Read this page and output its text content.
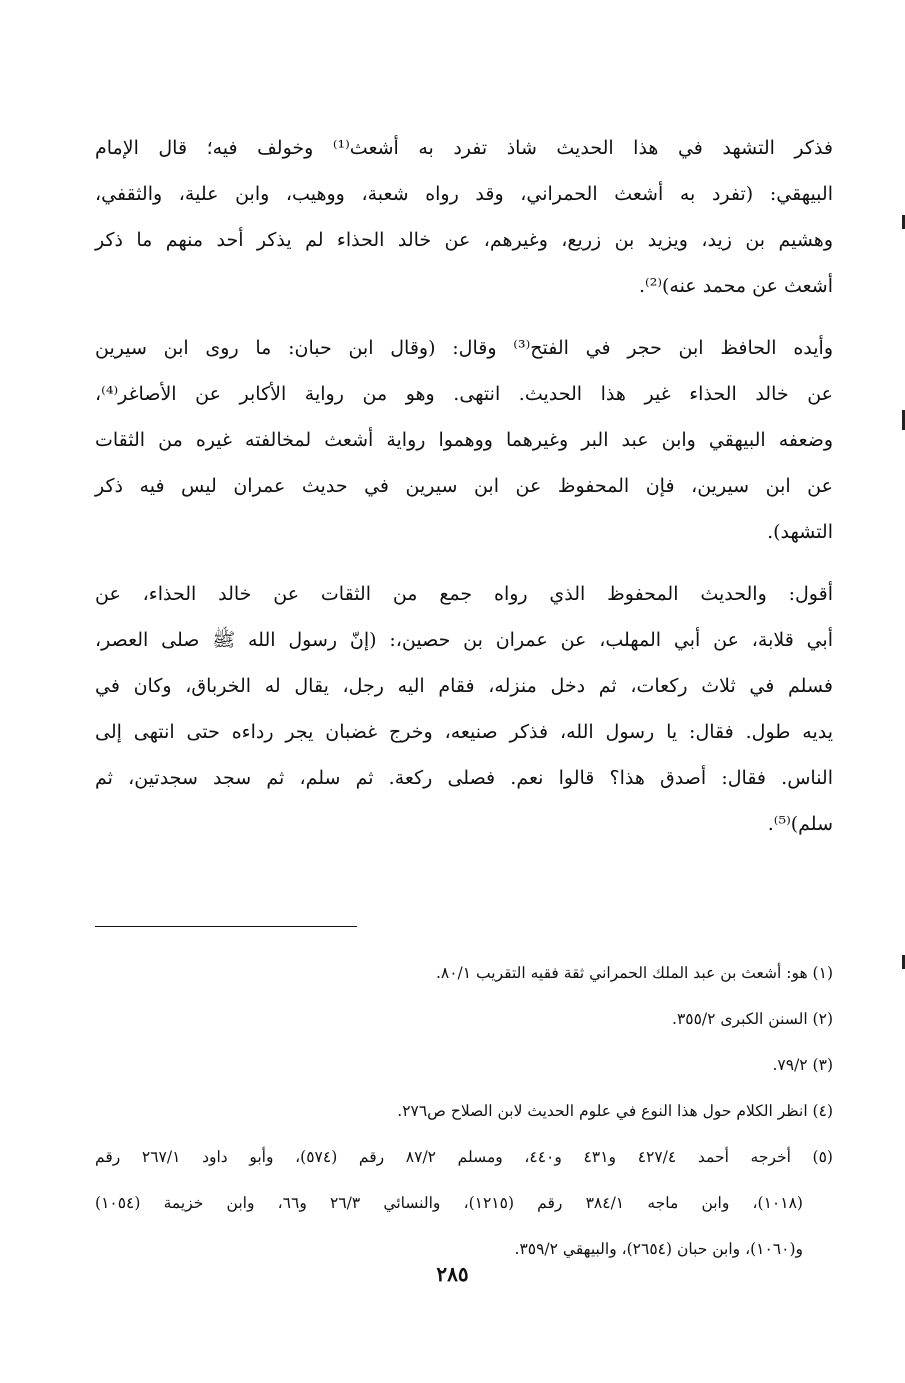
فذكر التشهد في هذا الحديث شاذ تفرد به أشعث⁽¹⁾ وخولف فيه؛ قال الإمام
البيهقي: (تفرد به أشعث الحمراني، وقد رواه شعبة، ووهيب، وابن علية، والثقفي،
وهشيم بن زيد، ويزيد بن زريع، وغيرهم، عن خالد الحذاء لم يذكر أحد منهم ما ذكر
أشعث عن محمد عنه)⁽²⁾.
وأيده الحافظ ابن حجر في الفتح⁽³⁾ وقال: (وقال ابن حبان: ما روى ابن سيرين
عن خالد الحذاء غير هذا الحديث. انتهى. وهو من رواية الأكابر عن الأصاغر⁽⁴⁾،
وضعفه البيهقي وابن عبد البر وغيرهما ووهموا رواية أشعث لمخالفته غيره من الثقات
عن ابن سيرين، فإن المحفوظ عن ابن سيرين في حديث عمران ليس فيه ذكر
التشهد).
أقول: والحديث المحفوظ الذي رواه جمع من الثقات عن خالد الحذاء، عن
أبي قلابة، عن أبي المهلب، عن عمران بن حصين،: (إنّ رسول الله ﷺ صلى العصر،
فسلم في ثلاث ركعات، ثم دخل منزله، فقام اليه رجل، يقال له الخرباق، وكان في
يديه طول. فقال: يا رسول الله، فذكر صنيعه، وخرج غضبان يجر رداءه حتى انتهى إلى
الناس. فقال: أصدق هذا؟ قالوا نعم. فصلى ركعة. ثم سلم، ثم سجد سجدتين، ثم
سلم)⁽⁵⁾.
(١) هو: أشعث بن عبد الملك الحمراني ثقة فقيه التقريب ٨٠/١.
(٢) السنن الكبرى ٣٥٥/٢.
(٣) ٧٩/٢.
(٤) انظر الكلام حول هذا النوع في علوم الحديث لابن الصلاح ص٢٧٦.
(٥) أخرجه أحمد ٤٢٧/٤ و٤٣١ و٤٤٠، ومسلم ٨٧/٢ رقم (٥٧٤)، وأبو داود ٢٦٧/١ رقم
(١٠١٨)، وابن ماجه ٣٨٤/١ رقم (١٢١٥)، والنسائي ٢٦/٣ و٦٦، وابن خزيمة (١٠٥٤)
و(١٠٦٠)، وابن حبان (٢٦٥٤)، والبيهقي ٣٥٩/٢.
٢٨٥
